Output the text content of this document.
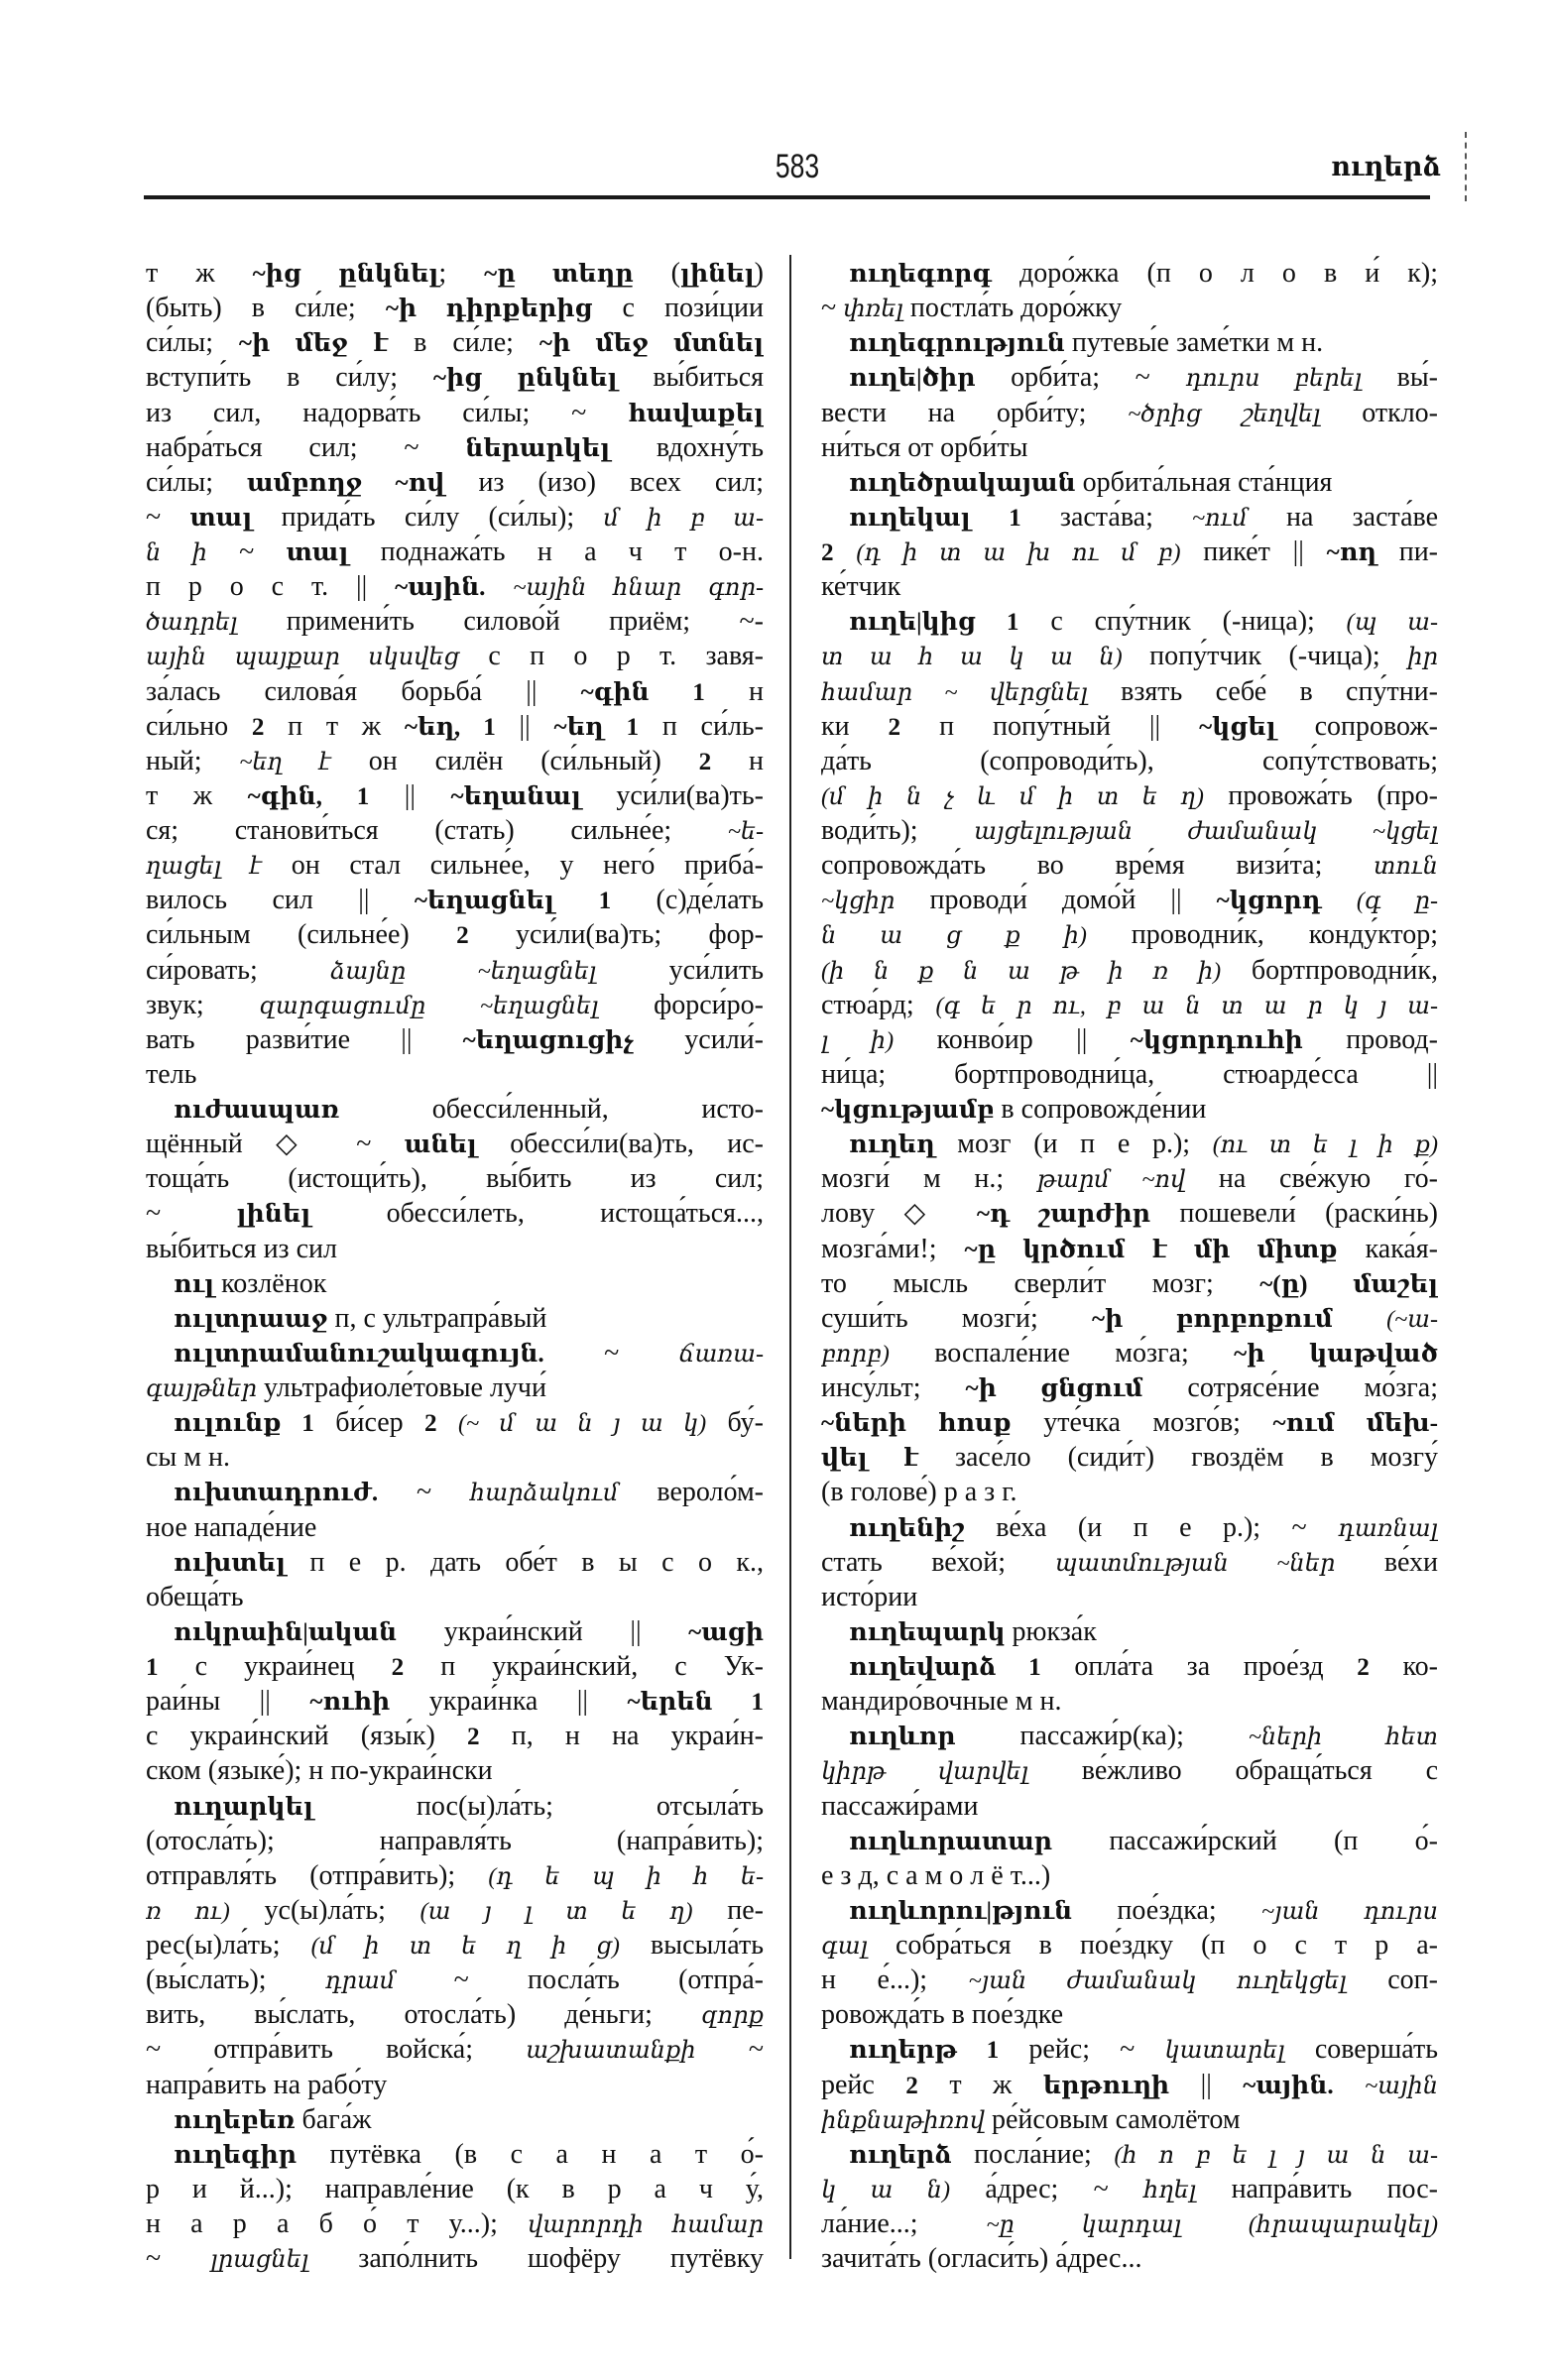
583	ուղերձ
т ж ~ից ընկնել; ~ը տեղը (լինել)
(быть) в си́ле; ~ի դիրքերից с пози́ции
си́лы; ~ի մեջ է в си́ле; ~ի մեջ մտնել
вступи́ть в си́лу; ~ից ընկնել вы́биться
из сил, надорва́ть си́лы; ~ հավաքել
набра́ться сил; ~ ներարկել вдохну́ть
си́лы; ամբողջ ~ով из (изо) всех сил;
~ տալ прида́ть си́лу (си́лы); մ ի բ ա-
ն ի ~ տալ поднажа́ть н а ч т о-н.
п р о с т. || ~ային. ~ային հնար գոր-
ծադրել примени́ть силово́й приём; ~-
ային պայքար սկսվեց с п о р т. завя-
за́лась силова́я борьба́ || ~գին 1 н
си́льно 2 п т ж ~եղ, 1 || ~եղ 1 п си́ль-
ный; ~եղ է он силён (си́льный) 2 н
т ж ~գին, 1 || ~եղանալ уси́ли(ва)ть-
ся; станови́ться (стать) сильне́е; ~ե-
ղացել է он стал сильне́е, у него́ приба́-
вилось сил || ~եղացնել 1 (с)де́лать
си́льным (сильне́е) 2 уси́ли(ва)ть; фор-
си́ровать; ձայնը ~եղացնել уси́лить
звук; զարգացումը ~եղացնել форси́ро-
вать разви́тие || ~եղացուցիչ усили́-
тель
ուժասպառ обесси́ленный, исто-
щённый ◇ ~ անել обесси́ли(ва)ть, ис-
тоща́ть (истощи́ть), вы́бить из сил;
~ լինել обесси́леть, истоща́ться...,
вы́биться из сил
ուլ козлёнок
ուլտրաաջ п, с ультрапра́вый
ուլտրամանուշակագույն. ~ ճառա-
գայթներ ультрафиоле́товые лучи́
ուլունք 1 би́сер 2 (~ մ ա ն յ ա կ) бу́-
сы м н.
ուխտադրուժ. ~ հարձակում вероло́м-
ное нападе́ние
ուխտել п е р. дать обе́т в ы с о к.,
обеща́ть
ուկրաին|ական украи́нский || ~ացի
1 с украи́нец 2 п украи́нский, с Ук-
раи́ны || ~ուհի украи́нка || ~երեն 1
с украи́нский (язы́к) 2 п, н на украи́н-
ском (языке́); н по-украи́нски
ուղարկել пос(ы)ла́ть; отсыла́ть
(отосла́ть); направля́ть (напра́вить);
отправля́ть (отпра́вить); (դ ե պ ի հ ե-
ռ ու) ус(ы)ла́ть; (ա յ լ տ ե ղ) пе-
рес(ы)ла́ть; (մ ի տ ե ղ ի ց) высыла́ть
(вы́слать); դրամ ~ посла́ть (отпра́-
вить, вы́слать, отосла́ть) де́ньги; զորք
~ отпра́вить войска́; աշխատանքի ~
напра́вить на рабо́ту
ուղեբեռ бага́ж
ուղեգիր путёвка (в с а н а т о́-
р и й...); направле́ние (к в р а ч у́,
н а р а б о́ т у...); վարորդի համար
~ լրացնել запо́лнить шофёру путёвку
ուղեգորգ доро́жка (п о л о в и́ к);
~ փռել постла́ть доро́жку
ուղեգրություն путевы́е заме́тки м н.
ուղե|ծիր орби́та; ~ դուրս բերել вы́-
вести на орби́ту; ~ծրից շեղվել откло-
ни́ться от орби́ты
ուղեծրակայան орбита́льная ста́нция
ուղեկալ 1 заста́ва; ~ում на заста́ве
2 (դ ի տ ա խ ու մ բ) пике́т || ~ող пи-
ке́тчик
ուղե|կից 1 с спу́тник (-ница); (պ ա-
տ ա հ ա կ ա ն) попу́тчик (-чица); իր
համար ~ վերցնել взять себе́ в спу́тни-
ки 2 п попу́тный || ~կցել сопровож-
да́ть (сопроводи́ть), сопу́тствовать;
(մ ի ն չ և մ ի տ ե ղ) провожа́ть (про-
води́ть); այցելության ժամանակ ~կցել
сопровожда́ть во вре́мя визи́та; տուն
~կցիր проводи́ домо́й || ~կցորդ (գ ը-
ն ա ց ք ի) проводни́к, конду́ктор;
(ի ն ք ն ա թ ի ռ ի) бортпроводни́к,
стюа́рд; (գ ե ր ու, բ ա ն տ ա ր կ յ ա-
լ ի) конво́ир || ~կցորդուհի провод-
ни́ца; бортпроводни́ца, стюарде́сса ||
~կցությամբ в сопровожде́нии
ուղեղ мозг (и п е р.); (ու տ ե լ ի ք)
мозги́ м н.; թարմ ~ով на све́жую го́-
лову ◇ ~դ շարժիր пошевели́ (раски́нь)
мозга́ми!; ~ը կրծում է մի միտք кака́я-
то мысль сверли́т мозг; ~(ը) մաշել
суши́ть мозги́; ~ի բորբոքում (~ա-
բորբ) воспале́ние мо́зга; ~ի կաթված
инсу́льт; ~ի ցնցում сотрясе́ние мо́зга;
~ների հոսք уте́чка мозго́в; ~ում մեխ-
վել է засе́ло (сиди́т) гвоздём в мозгу́
(в голове́) р а з г.
ուղենիշ ве́ха (и п е р.); ~ դառնալ
стать ве́хой; պատմության ~ներ ве́хи
исто́рии
ուղեպարկ рюкза́к
ուղեվարձ 1 опла́та за прое́зд 2 ко-
мандиро́вочные м н.
ուղևոր пассажи́р(ка); ~ների հետ
կիրթ վարվել ве́жливо обраща́ться с
пассажи́рами
ուղևորատար пассажи́рский (п о́-
е з д, с а м о л ё т...)
ուղևորու|թյուն пое́здка; ~յան դուրս
գալ собра́ться в пое́здку (п о с т р а-
н е́...); ~յան ժամանակ ուղեկցել соп-
ровожда́ть в пое́здке
ուղերթ 1 рейс; ~ կատարել соверша́ть
рейс 2 т ж երթուղի || ~ային. ~ային
ինքնաթիռով ре́йсовым самолётом
ուղերձ посла́ние; (հ ո բ ե լ յ ա ն ա-
կ ա ն) а́дрес; ~ հղել напра́вить пос-
ла́ние...; ~ը կարդալ (հրապարակել)
зачита́ть (огласи́ть) а́дрес...
